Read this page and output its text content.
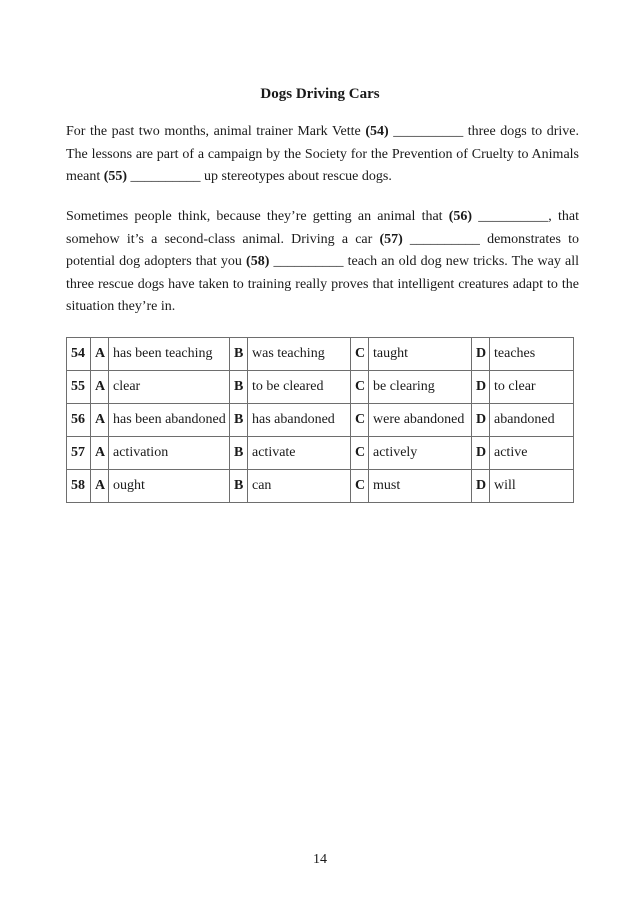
Dogs Driving Cars

For the past two months, animal trainer Mark Vette (54) __________ three dogs to drive. The lessons are part of a campaign by the Society for the Prevention of Cruelty to Animals meant (55) __________ up stereotypes about rescue dogs.

Sometimes people think, because they’re getting an animal that (56) __________, that somehow it’s a second-class animal. Driving a car (57) __________ demonstrates to potential dog adopters that you (58) __________ teach an old dog new tricks. The way all three rescue dogs have taken to training really proves that intelligent creatures adapt to the situation they’re in.

54	A	has been teaching	B	was teaching	C	taught	D	teaches
55	A	clear	B	to be cleared	C	be clearing	D	to clear
56	A	has been abandoned	B	has abandoned	C	were abandoned	D	abandoned
57	A	activation	B	activate	C	actively	D	active
58	A	ought	B	can	C	must	D	will
14
